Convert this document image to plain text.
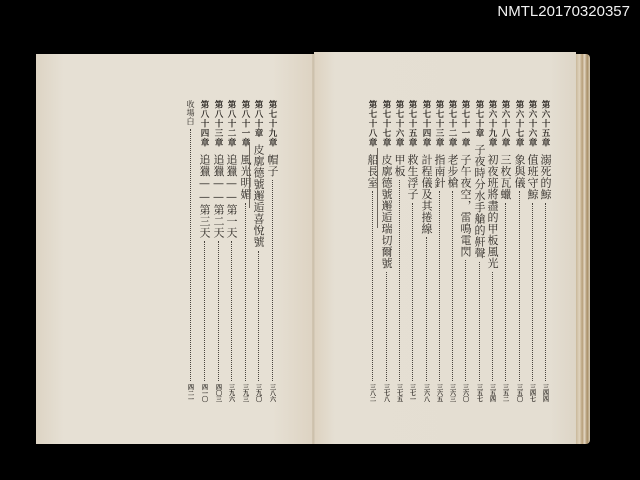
NMTL20170320357
第六十五章
溺死的鯨
三四四
第六十六章
值班守鯨
三四七
第六十七章
象與儀
三五〇
第六十八章
三枚瓦蠟
三五二
第六十九章
初夜班將盡的甲板風光
三五四
第七十章
子夜時分水手艙的鼾聲
三五七
第七十一章
子午夜空，雷鳴電閃
三六〇
第七十二章
老步槍
三六三
第七十三章
指南針
三六五
第七十四章
計程儀及其捲線
三六八
第七十五章
救生浮子
三七一
第七十六章
甲板
三七五
第七十七章
皮廓德號邂逅瑞切爾號
三七八
第七十八章
船長室
三八二
第七十九章
帽子
三八六
第八十章
皮廓德號邂逅喜悅號
三九〇
第八十一章
風光明媚
三九三
第八十二章
追獵——第一天
三九六
第八十三章
追獵——第二天
四〇三
第八十四章
追獵——第三天
四一〇
收場白
四二一
